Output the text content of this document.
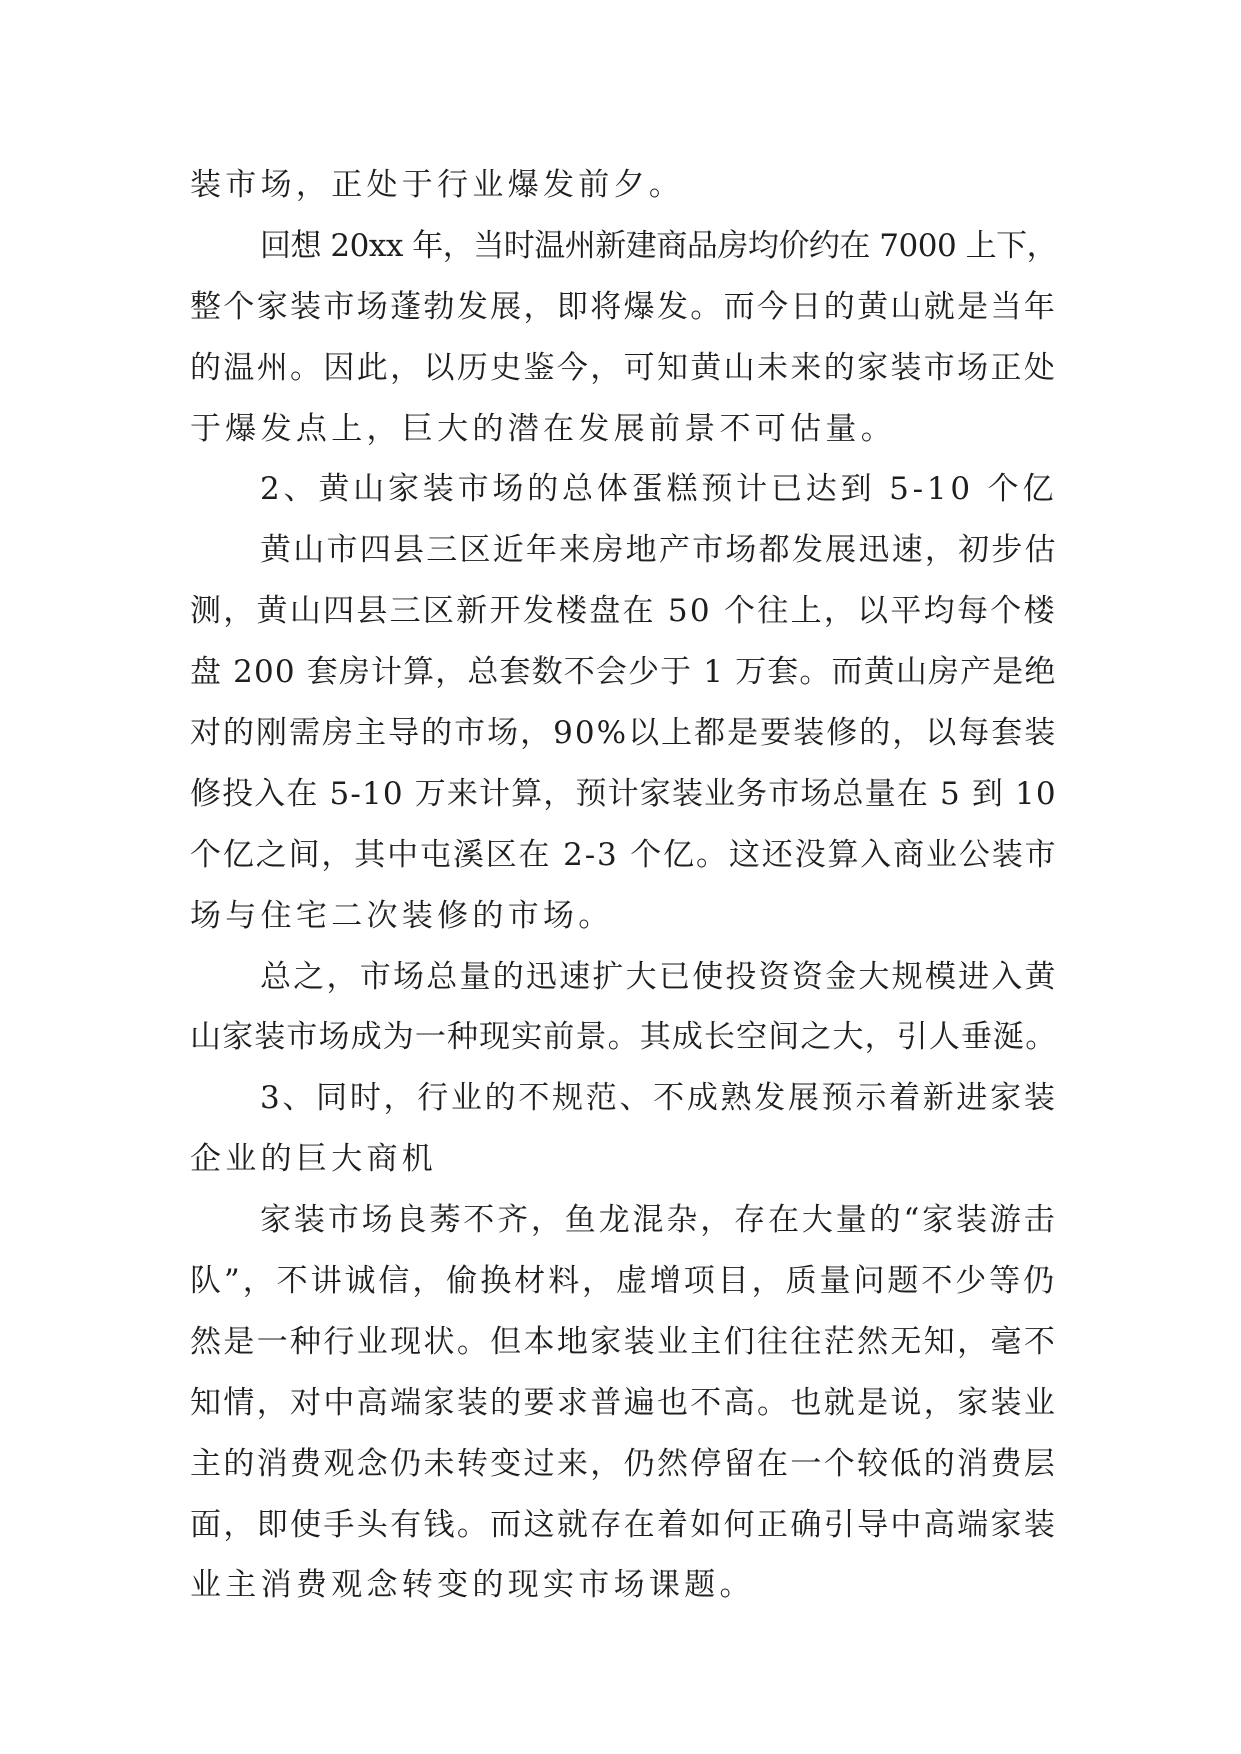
装市场，正处于行业爆发前夕。
回想 20xx 年，当时温州新建商品房均价约在 7000 上下，
整个家装市场蓬勃发展，即将爆发。而今日的黄山就是当年
的温州。因此，以历史鉴今，可知黄山未来的家装市场正处
于爆发点上，巨大的潜在发展前景不可估量。
2、黄山家装市场的总体蛋糕预计已达到 5-10 个亿
黄山市四县三区近年来房地产市场都发展迅速，初步估
测，黄山四县三区新开发楼盘在 50 个往上，以平均每个楼
盘 200 套房计算，总套数不会少于 1 万套。而黄山房产是绝
对的刚需房主导的市场，90%以上都是要装修的，以每套装
修投入在 5-10 万来计算，预计家装业务市场总量在 5 到 10
个亿之间，其中屯溪区在 2-3 个亿。这还没算入商业公装市
场与住宅二次装修的市场。
总之，市场总量的迅速扩大已使投资资金大规模进入黄
山家装市场成为一种现实前景。其成长空间之大，引人垂涎。
3、同时，行业的不规范、不成熟发展预示着新进家装
企业的巨大商机
家装市场良莠不齐，鱼龙混杂，存在大量的“家装游击
队”，不讲诚信，偷换材料，虚增项目，质量问题不少等仍
然是一种行业现状。但本地家装业主们往往茫然无知，毫不
知情，对中高端家装的要求普遍也不高。也就是说，家装业
主的消费观念仍未转变过来，仍然停留在一个较低的消费层
面，即使手头有钱。而这就存在着如何正确引导中高端家装
业主消费观念转变的现实市场课题。
